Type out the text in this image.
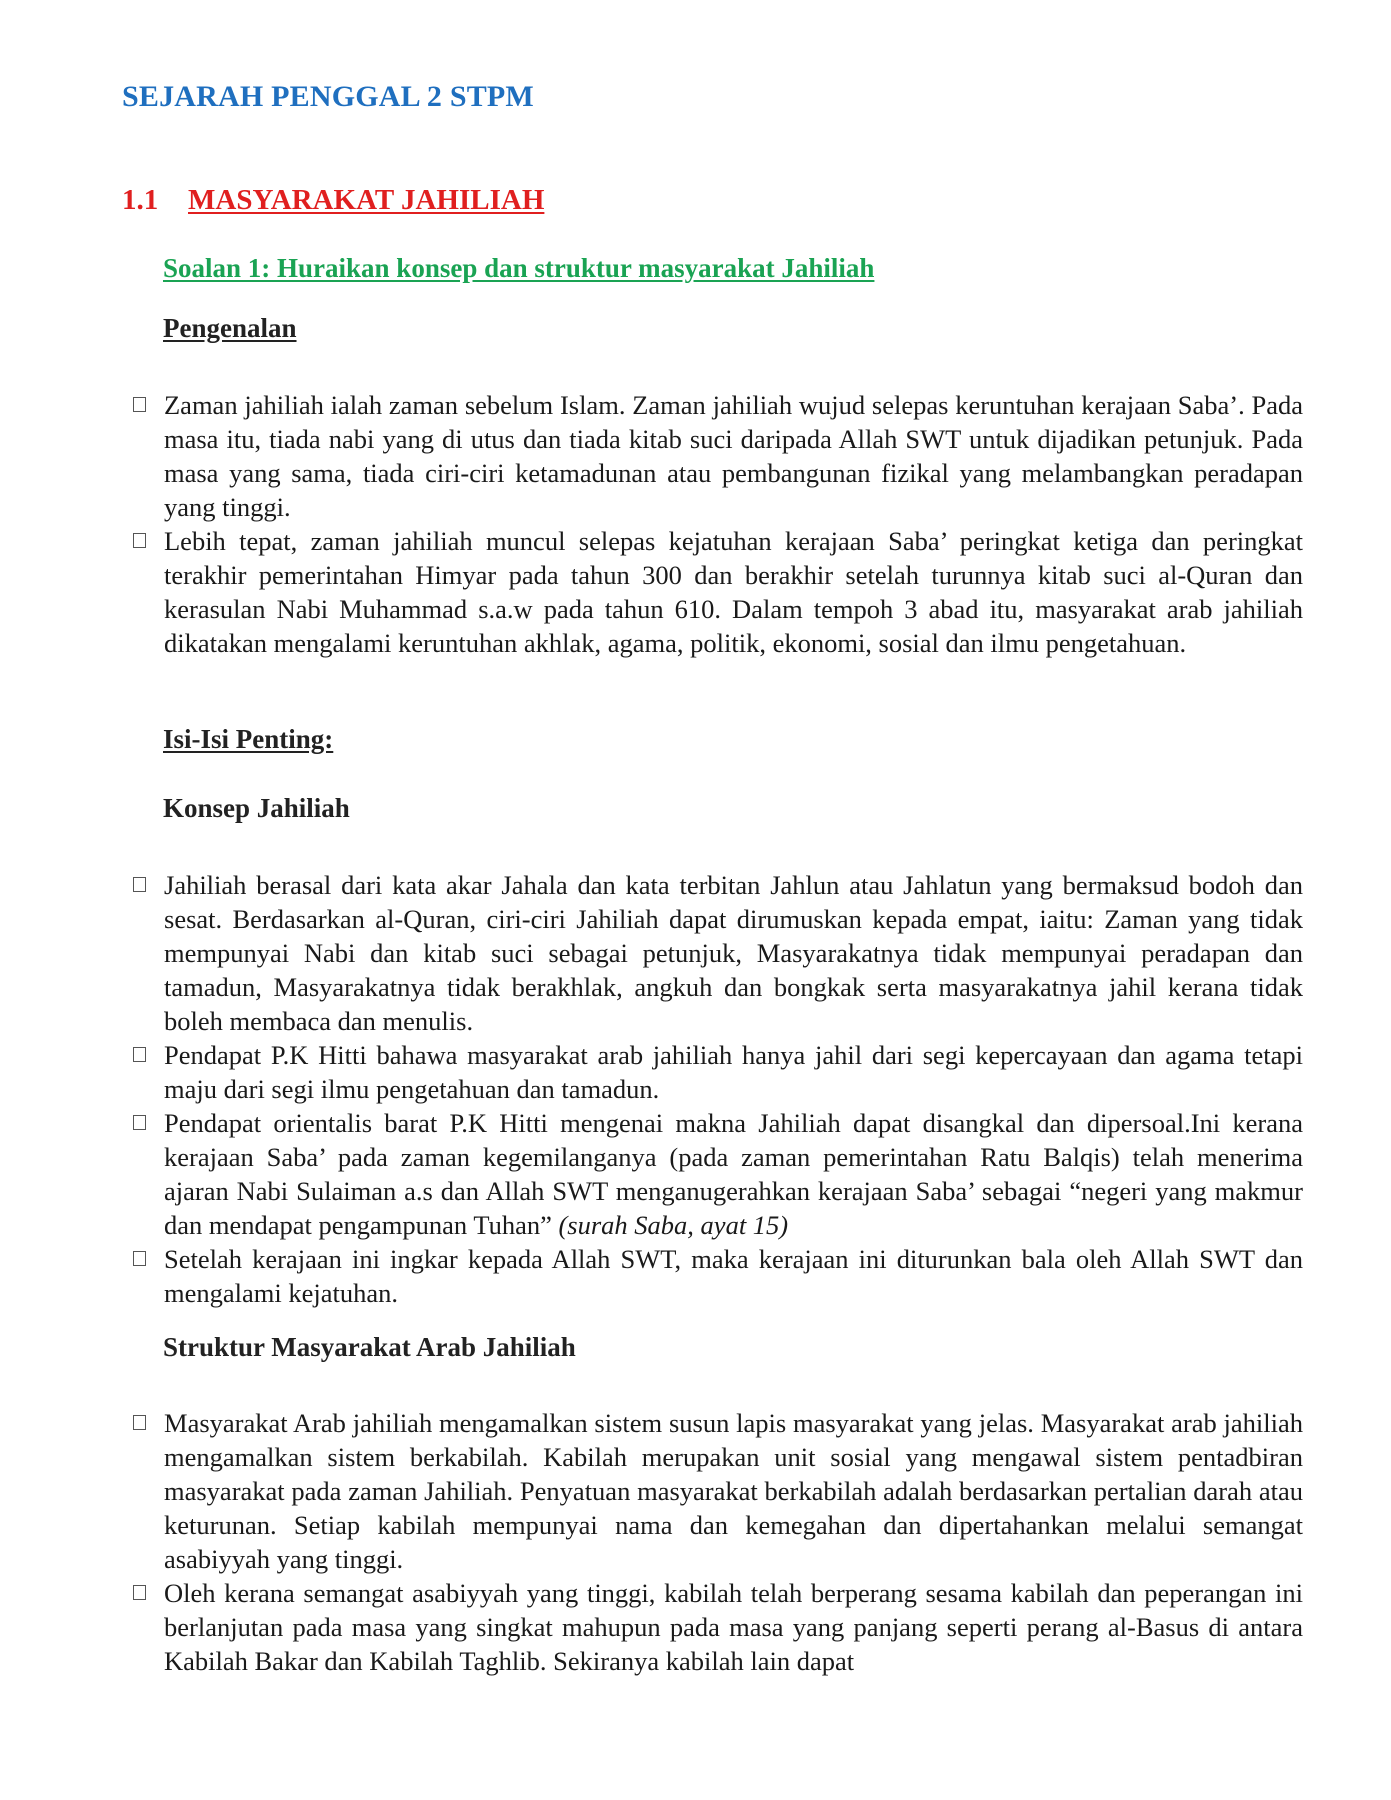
SEJARAH PENGGAL 2 STPM
1.1 MASYARAKAT JAHILIAH

Soalan 1: Huraikan konsep dan struktur masyarakat Jahiliah

Pengenalan

Zaman jahiliah ialah zaman sebelum Islam. Zaman jahiliah wujud selepas keruntuhan kerajaan Saba’. Pada masa itu, tiada nabi yang di utus dan tiada kitab suci daripada Allah SWT untuk dijadikan petunjuk. Pada masa yang sama, tiada ciri-ciri ketamadunan atau pembangunan fizikal yang melambangkan peradapan yang tinggi.
Lebih tepat, zaman jahiliah muncul selepas kejatuhan kerajaan Saba’ peringkat ketiga dan peringkat terakhir pemerintahan Himyar pada tahun 300 dan berakhir setelah turunnya kitab suci al-Quran dan kerasulan Nabi Muhammad s.a.w pada tahun 610. Dalam tempoh 3 abad itu, masyarakat arab jahiliah dikatakan mengalami keruntuhan akhlak, agama, politik, ekonomi, sosial dan ilmu pengetahuan.

Isi-Isi Penting:

Konsep Jahiliah

Jahiliah berasal dari kata akar Jahala dan kata terbitan Jahlun atau Jahlatun yang bermaksud bodoh dan sesat. Berdasarkan al-Quran, ciri-ciri Jahiliah dapat dirumuskan kepada empat, iaitu: Zaman yang tidak mempunyai Nabi dan kitab suci sebagai petunjuk, Masyarakatnya tidak mempunyai peradapan dan tamadun, Masyarakatnya tidak berakhlak, angkuh dan bongkak serta masyarakatnya jahil kerana tidak boleh membaca dan menulis.
Pendapat P.K Hitti bahawa masyarakat arab jahiliah hanya jahil dari segi kepercayaan dan agama tetapi maju dari segi ilmu pengetahuan dan tamadun.
Pendapat orientalis barat P.K Hitti mengenai makna Jahiliah dapat disangkal dan dipersoal.Ini kerana kerajaan Saba’ pada zaman kegemilanganya (pada zaman pemerintahan Ratu Balqis) telah menerima ajaran Nabi Sulaiman a.s dan Allah SWT menganugerahkan kerajaan Saba’ sebagai “negeri yang makmur dan mendapat pengampunan Tuhan” (surah Saba, ayat 15)
Setelah kerajaan ini ingkar kepada Allah SWT, maka kerajaan ini diturunkan bala oleh Allah SWT dan mengalami kejatuhan.

Struktur Masyarakat Arab Jahiliah

Masyarakat Arab jahiliah mengamalkan sistem susun lapis masyarakat yang jelas. Masyarakat arab jahiliah mengamalkan sistem berkabilah. Kabilah merupakan unit sosial yang mengawal sistem pentadbiran masyarakat pada zaman Jahiliah. Penyatuan masyarakat berkabilah adalah berdasarkan pertalian darah atau keturunan. Setiap kabilah mempunyai nama dan kemegahan dan dipertahankan melalui semangat asabiyyah yang tinggi.
Oleh kerana semangat asabiyyah yang tinggi, kabilah telah berperang sesama kabilah dan peperangan ini berlanjutan pada masa yang singkat mahupun pada masa yang panjang seperti perang al-Basus di antara Kabilah Bakar dan Kabilah Taghlib. Sekiranya kabilah lain dapat
